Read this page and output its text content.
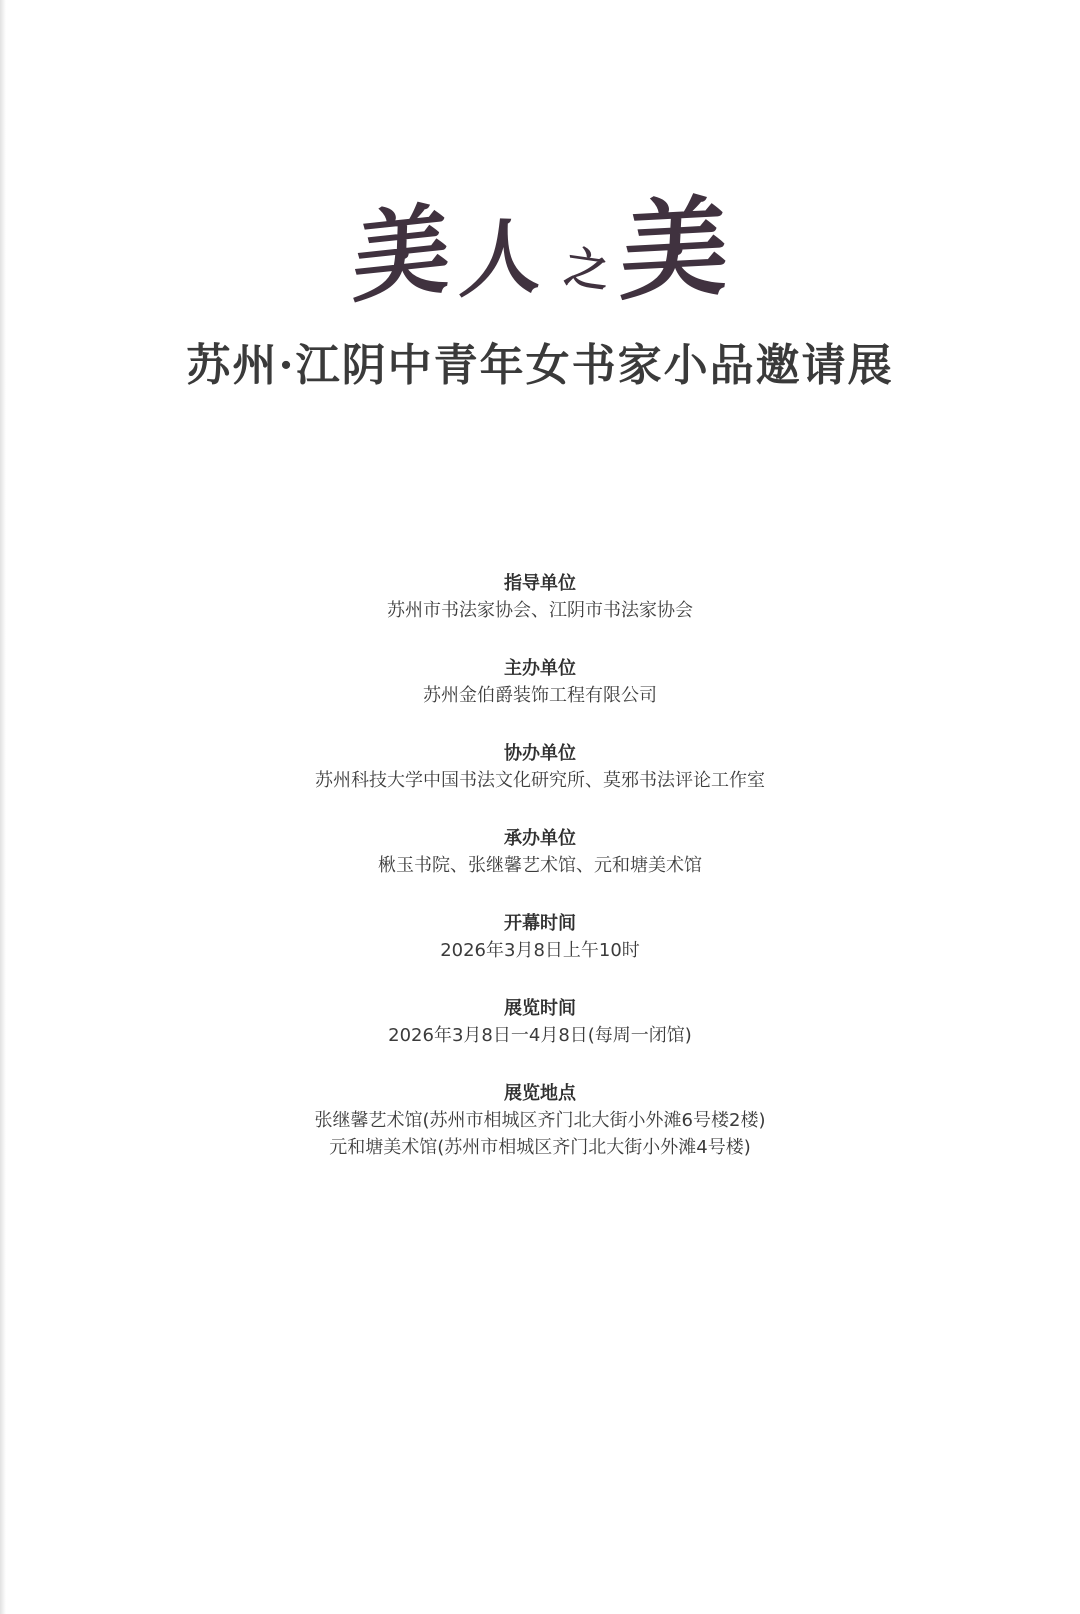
美 人 之 美
苏州·江阴中青年女书家小品邀请展
指导单位
苏州市书法家协会、江阴市书法家协会
主办单位
苏州金伯爵装饰工程有限公司
协办单位
苏州科技大学中国书法文化研究所、莫邪书法评论工作室
承办单位
楸玉书院、张继馨艺术馆、元和塘美术馆
开幕时间
2026年3月8日上午10时
展览时间
2026年3月8日一4月8日(每周一闭馆)
展览地点
张继馨艺术馆(苏州市相城区齐门北大街小外滩6号楼2楼)
元和塘美术馆(苏州市相城区齐门北大街小外滩4号楼)
